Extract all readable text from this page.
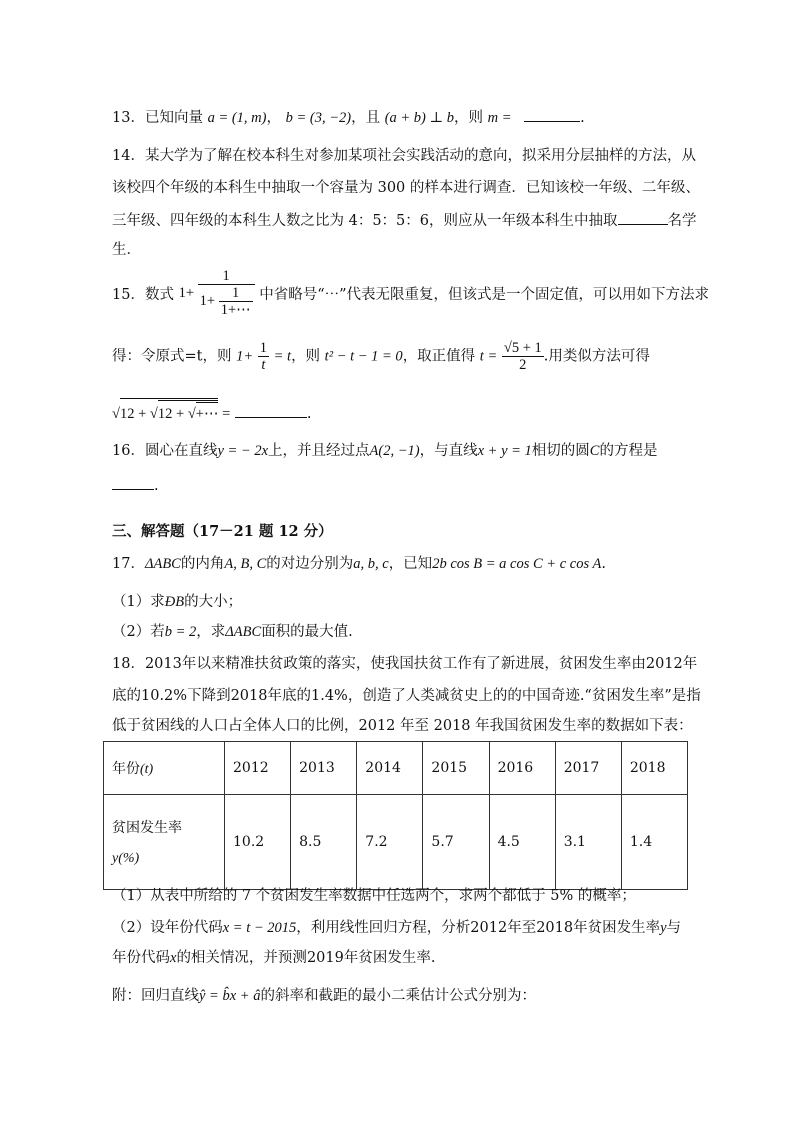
13．已知向量 a = (1, m)， b = (3, −2)，且 (a + b) ⊥ b，则 m =	.
14．某大学为了解在校本科生对参加某项社会实践活动的意向，拟采用分层抽样的方法，从
该校四个年级的本科生中抽取一个容量为 300 的样本进行调查．已知该校一年级、二年级、
三年级、四年级的本科生人数之比为 4：5：5：6，则应从一年级本科生中抽取	名学
生．
15．数式 $1+ \frac{1}{1+ \frac{1}{1+\cdots}}$ 中省略号“⋯”代表无限重复，但该式是一个固定值，可以用如下方法求
得：令原式=t，则 $1+ \frac{1}{t} = t$，则 t² − t − 1 = 0，取正值得 $t = \frac{√5 + 1}{2}$ .用类似方法可得
√12 + √12 + √+⋯ =	.
16．圆心在直线y = − 2x上，并且经过点A(2, −1)，与直线x + y = 1相切的圆C的方程是
.
三、解答题（17－21 题 12 分）
17．ΔABC的内角A, B, C的对边分别为a, b, c，已知2b cos B = a cos C + c cos A.
（1）求ÐB的大小；
（2）若b = 2，求ΔABC面积的最大值.
18．2013年以来精准扶贫政策的落实，使我国扶贫工作有了新进展，贫困发生率由2012年
底的10.2%下降到2018年底的1.4%，创造了人类减贫史上的的中国奇迹.“贫困发生率”是指
低于贫困线的人口占全体人口的比例，2012 年至 2018 年我国贫困发生率的数据如下表：
年份(t)	2012	2013	2014	2015	2016	2017	2018

贫困发生率
y(%)	10.2	8.5	7.2	5.7	4.5	3.1	1.4
（1）从表中所给的 7 个贫困发生率数据中任选两个，求两个都低于 5% 的概率；
（2）设年份代码x = t − 2015，利用线性回归方程，分析2012年至2018年贫困发生率y与
年份代码x的相关情况，并预测2019年贫困发生率.
附：回归直线ŷ = b̂x + â的斜率和截距的最小二乘估计公式分别为：
